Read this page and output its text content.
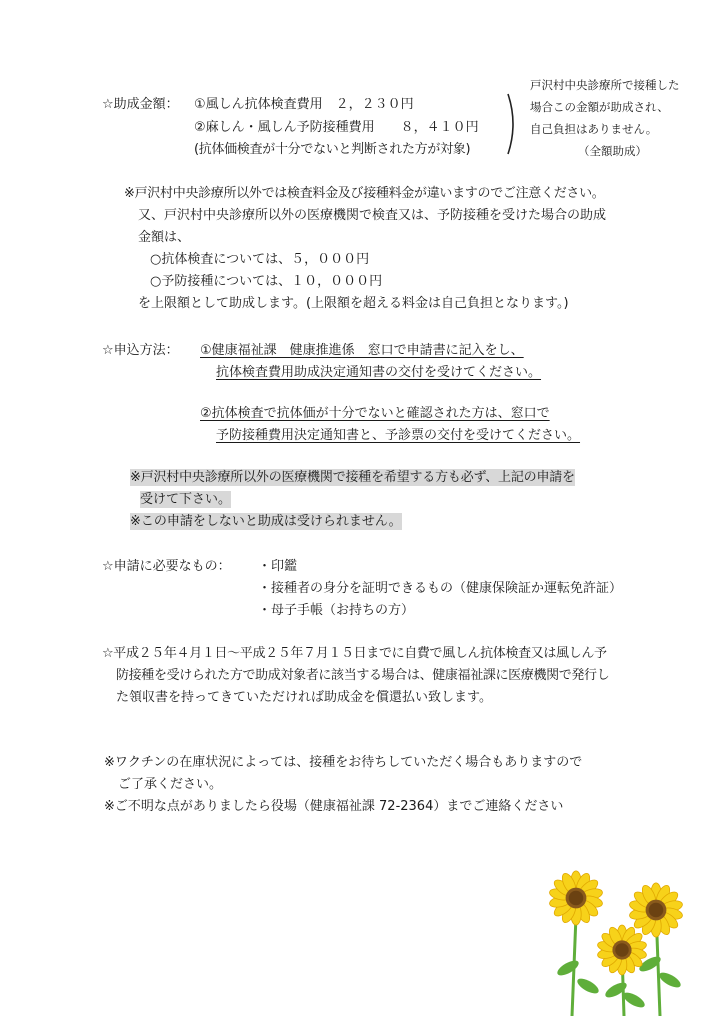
☆助成金額： ①風しん抗体検査費用　２，２３０円
②麻しん・風しん予防接種費用　　８，４１０円
(抗体価検査が十分でないと判断された方が対象)
戸沢村中央診療所で接種した
場合この金額が助成され、
自己負担はありません。
（全額助成）
※戸沢村中央診療所以外では検査料金及び接種料金が違いますのでご注意ください。
又、戸沢村中央診療所以外の医療機関で検査又は、予防接種を受けた場合の助成
金額は、
○抗体検査については、５，０００円
○予防接種については、１０，０００円
を上限額として助成します。(上限額を超える料金は自己負担となります。)
☆申込方法： ①健康福祉課　健康推進係　窓口で申請書に記入をし、
抗体検査費用助成決定通知書の交付を受けてください。
②抗体検査で抗体価が十分でないと確認された方は、窓口で
予防接種費用決定通知書と、予診票の交付を受けてください。
※戸沢村中央診療所以外の医療機関で接種を希望する方も必ず、上記の申請を
受けて下さい。
※この申請をしないと助成は受けられません。
☆申請に必要なもの： ・印鑑
・接種者の身分を証明できるもの（健康保険証か運転免許証）
・母子手帳（お持ちの方）
☆平成２５年４月１日～平成２５年７月１５日までに自費で風しん抗体検査又は風しん予
防接種を受けられた方で助成対象者に該当する場合は、健康福祉課に医療機関で発行し
た領収書を持ってきていただければ助成金を償還払い致します。
※ワクチンの在庫状況によっては、接種をお待ちしていただく場合もありますので
ご了承ください。
※ご不明な点がありましたら役場（健康福祉課 72-2364）までご連絡ください
